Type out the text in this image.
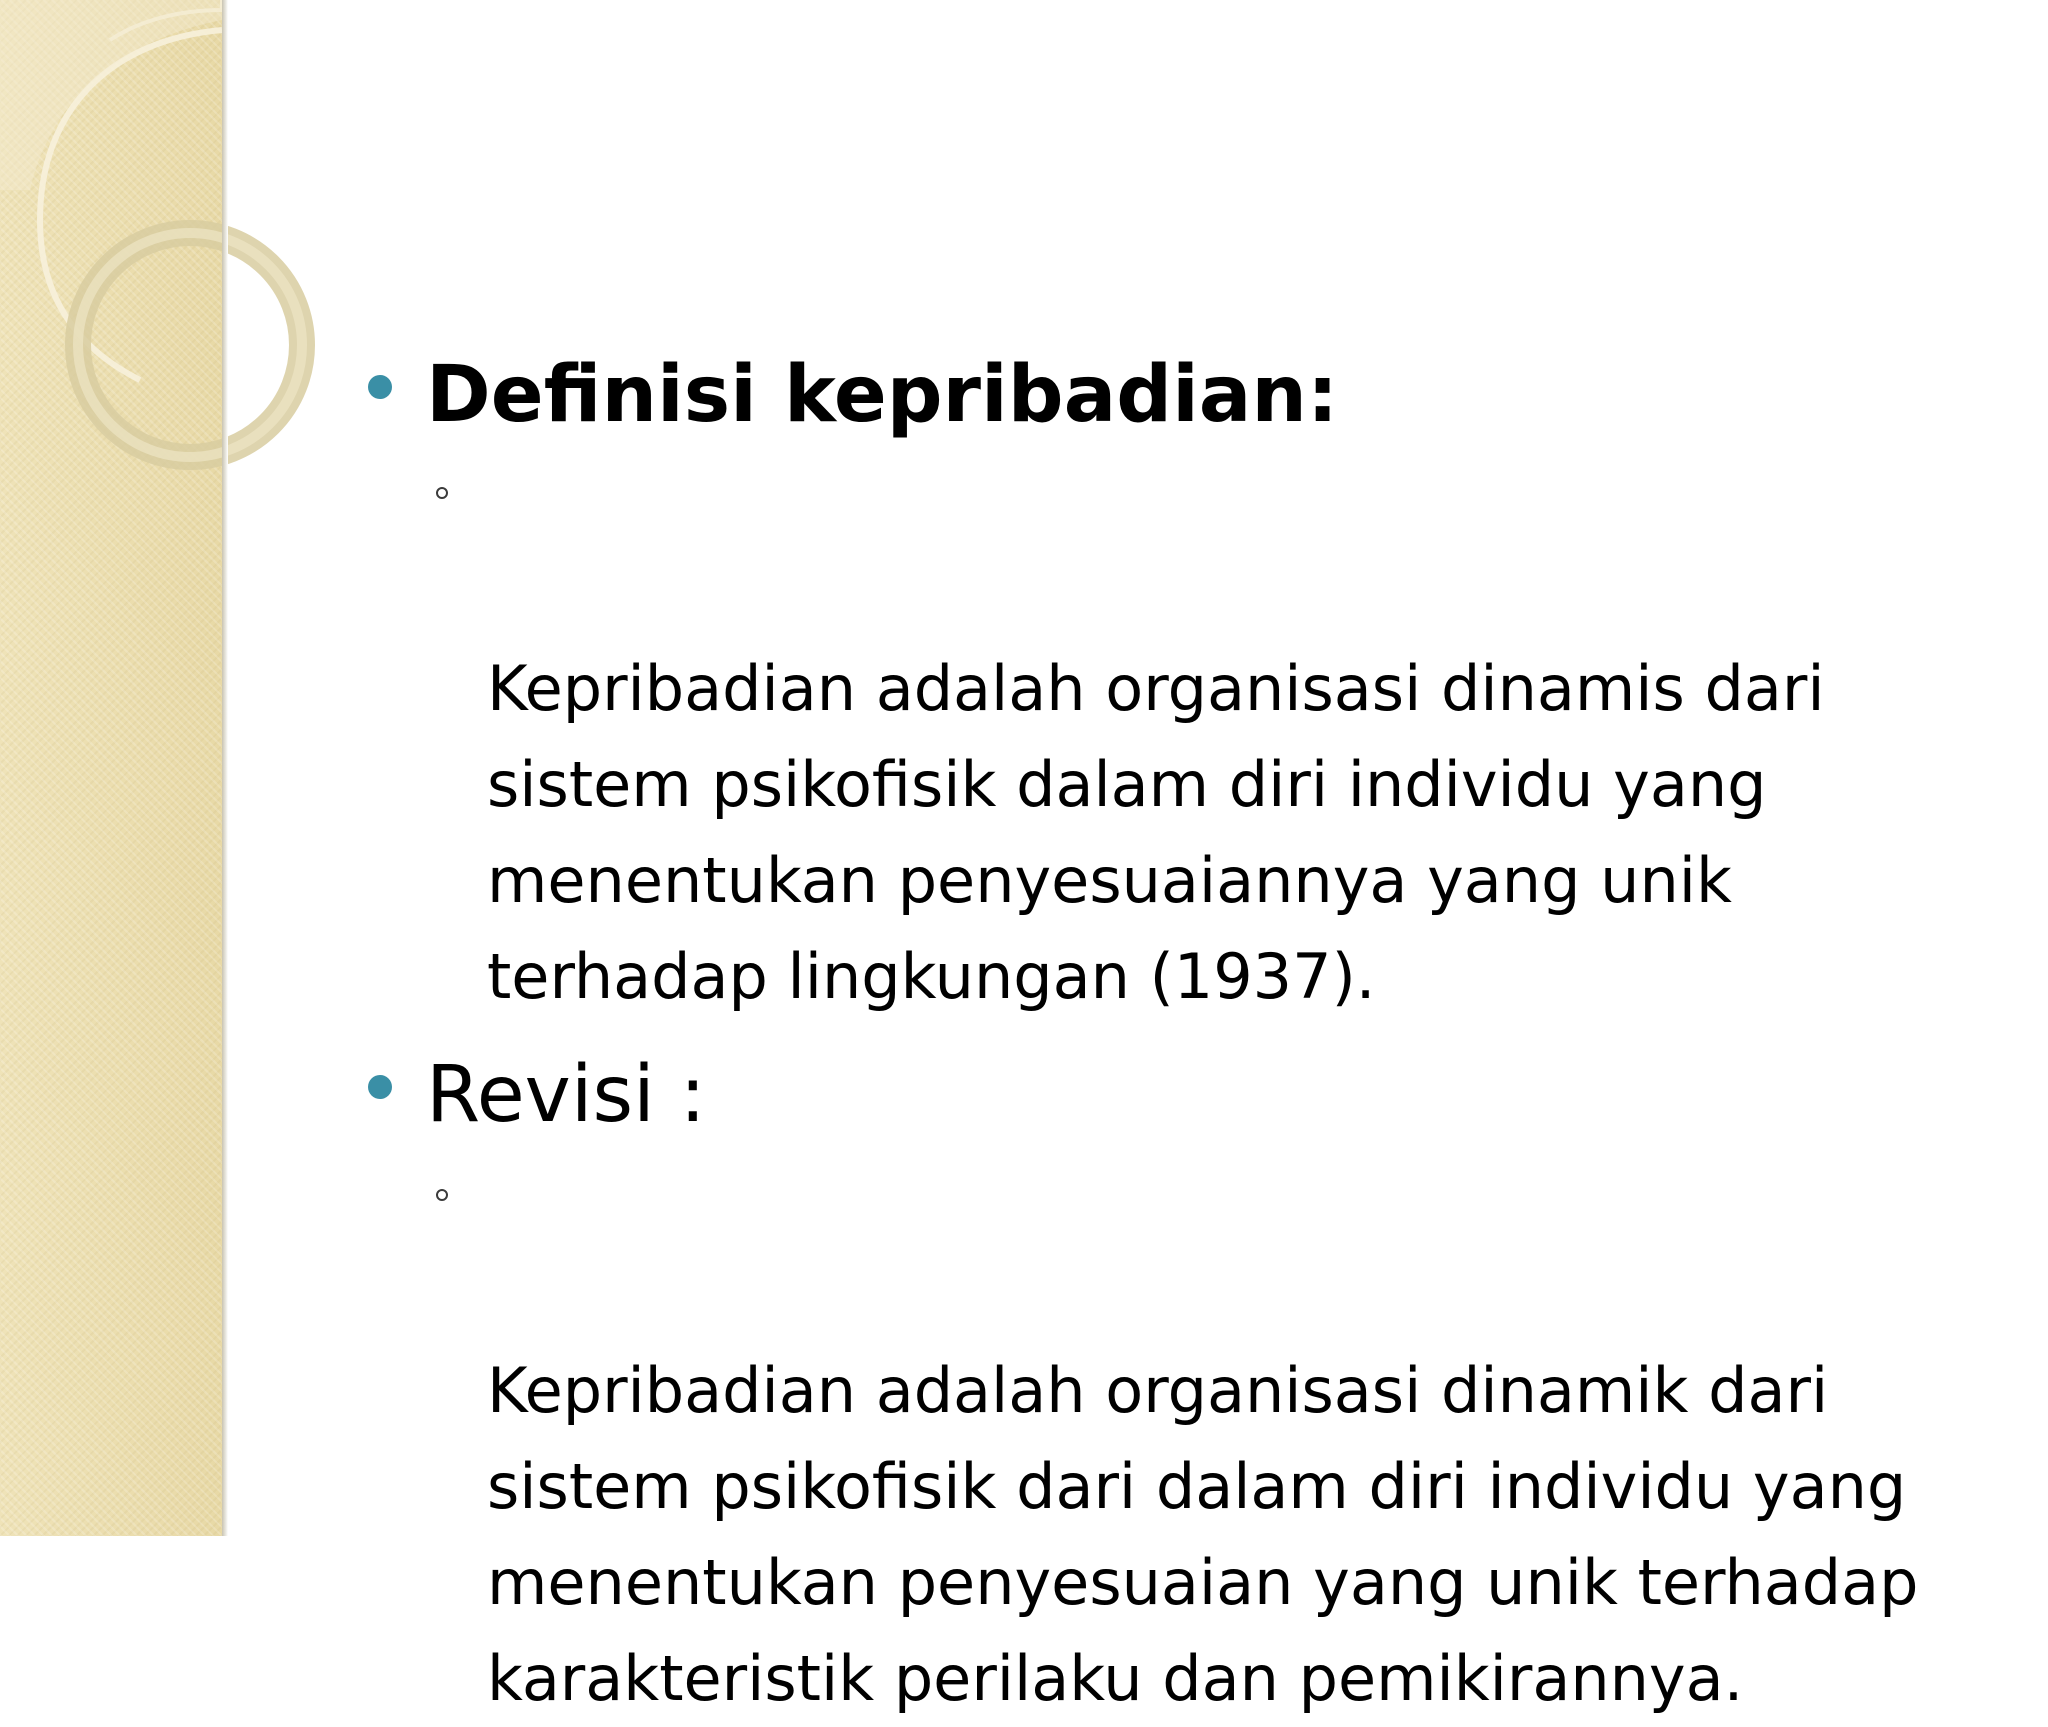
Definisi kepribadian:

Kepribadian adalah organisasi dinamis dari sistem psikofisik dalam diri individu yang menentukan penyesuaiannya yang unik terhadap lingkungan (1937).

Revisi :

Kepribadian adalah organisasi dinamik dari sistem psikofisik dari dalam diri individu yang menentukan penyesuaian yang unik terhadap karakteristik perilaku dan pemikirannya.
